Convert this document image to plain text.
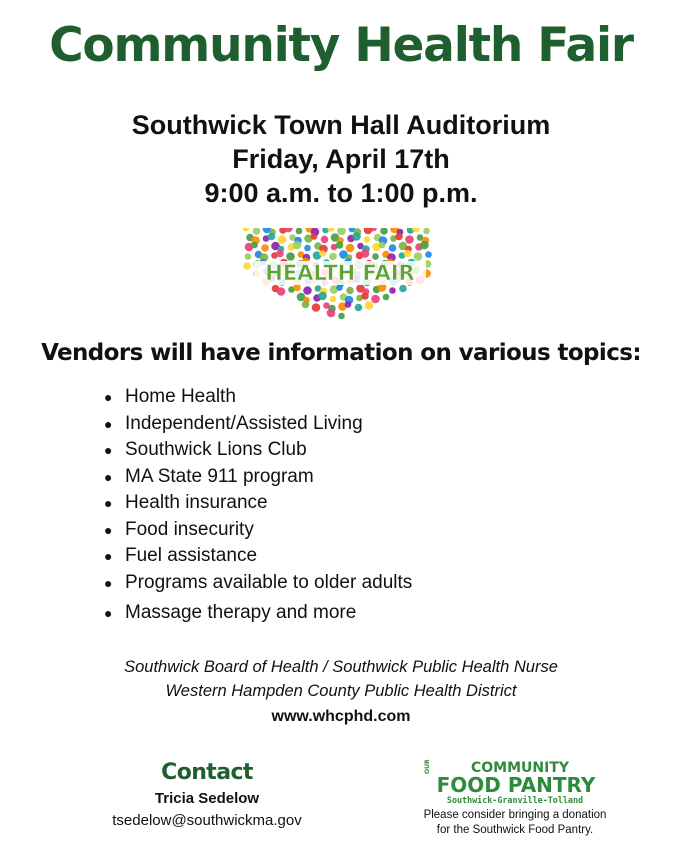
Community Health Fair
Southwick Town Hall Auditorium
Friday, April 17th
9:00 a.m. to 1:00 p.m.
HEALTH FAIR
Vendors will have information on various topics:
● Home Health
● Independent/Assisted Living
● Southwick Lions Club
● MA State 911 program
● Health insurance
● Food insecurity
● Fuel assistance
● Programs available to older adults
● Massage therapy and more
Southwick Board of Health / Southwick Public Health Nurse
Western Hampden County Public Health District
www.whcphd.com
Contact
Tricia Sedelow
tsedelow@southwickma.gov
OUR	COMMUNITY
FOOD PANTRY
Southwick-Granville-Tolland
Please consider bringing a donation
for the Southwick Food Pantry.
